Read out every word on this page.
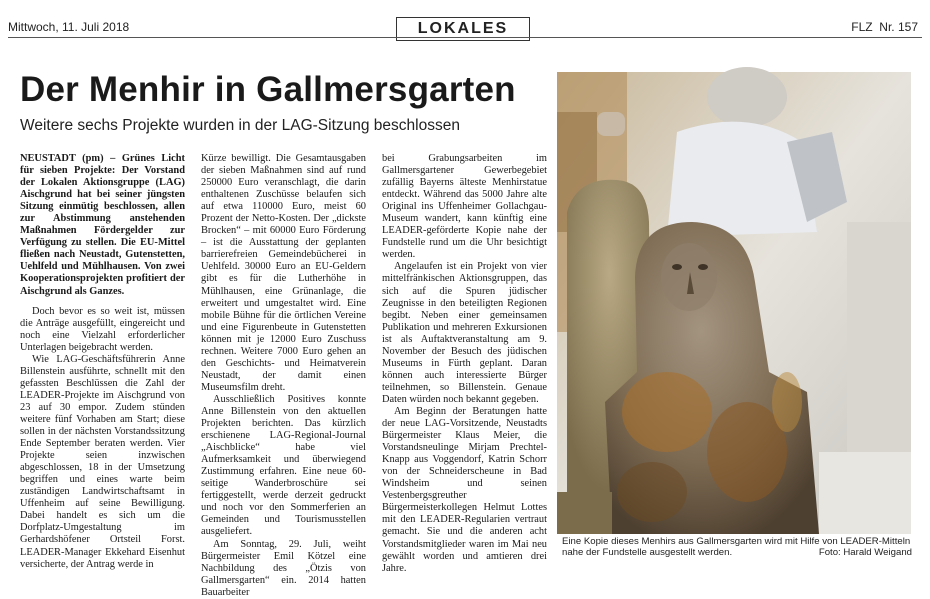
Mittwoch, 11. Juli 2018	LOKALES	FLZ Nr. 157
Der Menhir in Gallmersgarten
Weitere sechs Projekte wurden in der LAG-Sitzung beschlossen

NEUSTADT (pm) – Grünes Licht für sieben Projekte: Der Vorstand der Lokalen Aktionsgruppe (LAG) Aischgrund hat bei seiner jüngsten Sitzung einmütig beschlossen, allen zur Abstimmung anstehenden Maßnahmen Fördergelder zur Verfügung zu stellen. Die EU-Mittel fließen nach Neustadt, Gutenstetten, Uehlfeld und Mühlhausen. Von zwei Kooperationsprojekten profitiert der Aischgrund als Ganzes.

Doch bevor es so weit ist, müssen die Anträge ausgefüllt, eingereicht und noch eine Vielzahl erforderlicher Unterlagen beigebracht werden.

Wie LAG-Geschäftsführerin Anne Billenstein ausführte, schnellt mit den gefassten Beschlüssen die Zahl der LEADER-Projekte im Aischgrund von 23 auf 30 empor. Zudem stünden weitere fünf Vorhaben am Start; diese sollen in der nächsten Vorstandssitzung Ende September beraten werden. Vier Projekte seien inzwischen abgeschlossen, 18 in der Umsetzung begriffen und eines warte beim zuständigen Landwirtschaftsamt in Uffenheim auf seine Bewilligung. Dabei handelt es sich um die Dorfplatz-Umgestaltung im Gerhardshöfener Ortsteil Forst. LEADER-Manager Ekkehard Eisenhut versicherte, der Antrag werde in

Kürze bewilligt. Die Gesamtausgaben der sieben Maßnahmen sind auf rund 250000 Euro veranschlagt, die darin enthaltenen Zuschüsse belaufen sich auf etwa 110000 Euro, meist 60 Prozent der Netto-Kosten. Der „dickste Brocken“ – mit 60000 Euro Förderung – ist die Ausstattung der geplanten barrierefreien Gemeindebücherei in Uehlfeld. 30000 Euro an EU-Geldern gibt es für die Lutherhöhe in Mühlhausen, eine Grünanlage, die erweitert und umgestaltet wird. Eine mobile Bühne für die örtlichen Vereine und eine Figurenbeute in Gutenstetten können mit je 12000 Euro Zuschuss rechnen. Weitere 7000 Euro gehen an den Geschichts- und Heimatverein Neustadt, der damit einen Museumsfilm dreht.

Ausschließlich Positives konnte Anne Billenstein von den aktuellen Projekten berichten. Das kürzlich erschienene LAG-Regional-Journal „Aischblicke“ habe viel Aufmerksamkeit und überwiegend Zustimmung erfahren. Eine neue 60-seitige Wanderbroschüre sei fertiggestellt, werde derzeit gedruckt und noch vor den Sommerferien an Gemeinden und Tourismusstellen ausgeliefert.

Am Sonntag, 29. Juli, weiht Bürgermeister Emil Kötzel eine Nachbildung des „Ötzis von Gallmersgarten“ ein. 2014 hatten Bauarbeiter

bei Grabungsarbeiten im Gallmersgartener Gewerbegebiet zufällig Bayerns älteste Menhirstatue entdeckt. Während das 5000 Jahre alte Original ins Uffenheimer Gollachgau-Museum wandert, kann künftig eine LEADER-geförderte Kopie nahe der Fundstelle rund um die Uhr besichtigt werden.

Angelaufen ist ein Projekt von vier mittelfränkischen Aktionsgruppen, das sich auf die Spuren jüdischer Zeugnisse in den beteiligten Regionen begibt. Neben einer gemeinsamen Publikation und mehreren Exkursionen ist als Auftaktveranstaltung am 9. November der Besuch des jüdischen Museums in Fürth geplant. Daran können auch interessierte Bürger teilnehmen, so Billenstein. Genaue Daten würden noch bekannt gegeben.

Am Beginn der Beratungen hatte der neue LAG-Vorsitzende, Neustadts Bürgermeister Klaus Meier, die Vorstandsneulinge Mirjam Prechtel-Knapp aus Voggendorf, Katrin Schorr von der Schneiderscheune in Bad Windsheim und seinen Vestenbergsgreuther Bürgermeisterkollegen Helmut Lottes mit den LEADER-Regularien vertraut gemacht. Sie und die anderen acht Vorstandsmitglieder waren im Mai neu gewählt worden und amtieren drei Jahre.

Eine Kopie dieses Menhirs aus Gallmersgarten wird mit Hilfe von LEADER-Mitteln nahe der Fundstelle ausgestellt werden.	Foto: Harald Weigand
